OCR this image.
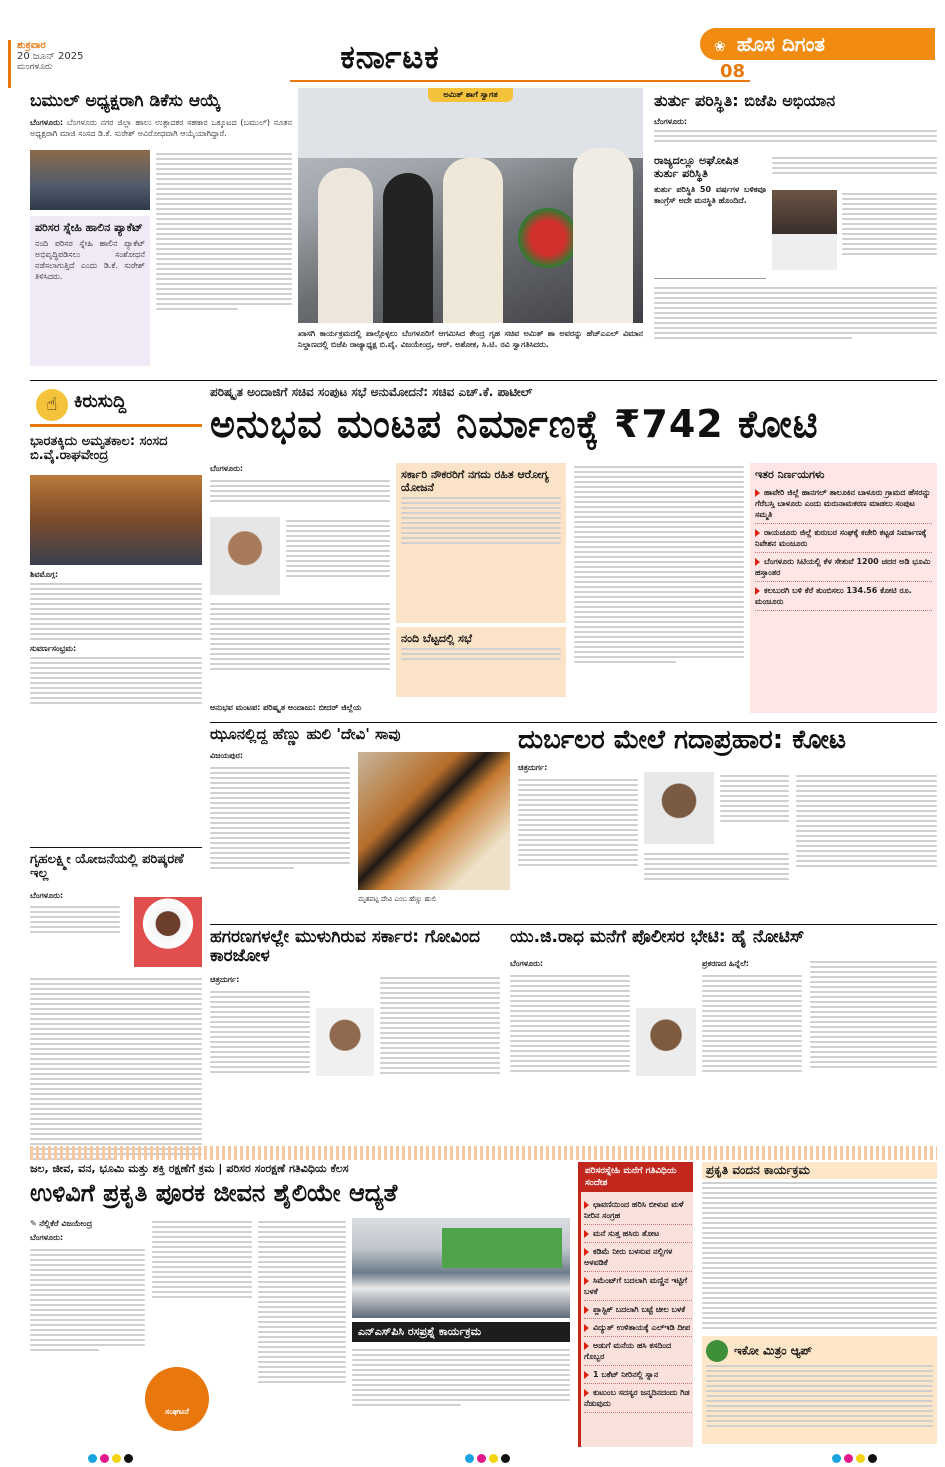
ಶುಕ್ರವಾರ
20 ಜೂನ್ 2025
ಮಂಗಳೂರು	ಕರ್ನಾಟಕ	❀ ಹೊಸ ದಿಗಂತ
08
ಬಮುಲ್ ಅಧ್ಯಕ್ಷರಾಗಿ ಡಿಕೆಸು ಆಯ್ಕೆ
ಬೆಂಗಳೂರು: ಬೆಂಗಳೂರು ನಗರ ಜಿಲ್ಲಾ ಹಾಲು ಉತ್ಪಾದಕರ ಸಹಕಾರ ಒಕ್ಕೂಟದ (ಬಮುಲ್) ನೂತನ ಅಧ್ಯಕ್ಷರಾಗಿ ಮಾಜಿ ಸಂಸದ ಡಿ.ಕೆ. ಸುರೇಶ್ ಅವಿರೋಧವಾಗಿ ಆಯ್ಕೆಯಾಗಿದ್ದಾರೆ.
ಪರಿಸರ ಸ್ನೇಹಿ ಹಾಲಿನ ಪ್ಯಾಕೆಟ್
ನಂದಿ ಪರಿಸರ ಸ್ನೇಹಿ ಹಾಲಿನ ಪ್ಯಾಕೆಟ್ ಅಭಿವೃದ್ಧಿಪಡಿಸಲು ಸಂಶೋಧನೆ ನಡೆಸಲಾಗುತ್ತಿದೆ ಎಂದು ಡಿ.ಕೆ. ಸುರೇಶ್ ತಿಳಿಸಿದರು.
ಅಮಿತ್ ಶಾಗೆ ಸ್ವಾಗತ
ಖಾಸಗಿ ಕಾರ್ಯಕ್ರಮದಲ್ಲಿ ಪಾಲ್ಗೊಳ್ಳಲು ಬೆಂಗಳೂರಿಗೆ ಆಗಮಿಸಿದ ಕೇಂದ್ರ ಗೃಹ ಸಚಿವ ಅಮಿತ್ ಶಾ ಅವರನ್ನು ಹೆಚ್‌ಎಎಲ್ ವಿಮಾನ ನಿಲ್ದಾಣದಲ್ಲಿ ಬಿಜೆಪಿ ರಾಜ್ಯಾಧ್ಯಕ್ಷ ಬಿ.ವೈ. ವಿಜಯೇಂದ್ರ, ಆರ್. ಅಶೋಕ, ಸಿ.ಟಿ. ರವಿ ಸ್ವಾಗತಿಸಿದರು.
ತುರ್ತು ಪರಿಸ್ಥಿತಿ: ಬಿಜೆಪಿ ಅಭಿಯಾನ
ಬೆಂಗಳೂರು:
ರಾಜ್ಯದಲ್ಲೂ ಅಘೋಷಿತ ತುರ್ತು ಪರಿಸ್ಥಿತಿ
ತುರ್ತು ಪರಿಸ್ಥಿತಿ 50 ವರ್ಷಗಳ ಬಳಿಕವೂ ಕಾಂಗ್ರೆಸ್ ಅದೇ ಮನಸ್ಥಿತಿ ಹೊಂದಿದೆ.
☝ ಕಿರುಸುದ್ದಿ
ಭಾರತಕ್ಕಿದು ಅಮೃತಕಾಲ: ಸಂಸದ ಬಿ.ವೈ.ರಾಘವೇಂದ್ರ
ಶಿವಮೊಗ್ಗ:
ಸುವರ್ಣಸಂಭ್ರಮ:
ಗೃಹಲಕ್ಷ್ಮೀ ಯೋಜನೆಯಲ್ಲಿ ಪರಿಷ್ಕರಣೆ ಇಲ್ಲ
ಬೆಂಗಳೂರು:
ಪರಿಷ್ಕೃತ ಅಂದಾಜಿಗೆ ಸಚಿವ ಸಂಪುಟ ಸಭೆ ಅನುಮೋದನೆ: ಸಚಿವ ಎಚ್.ಕೆ. ಪಾಟೀಲ್
ಅನುಭವ ಮಂಟಪ ನಿರ್ಮಾಣಕ್ಕೆ ₹742 ಕೋಟಿ
ಬೆಂಗಳೂರು:
ಅನುಭವ ಮಂಟಪ: ಪರಿಷ್ಕೃತ ಅಂದಾಜು: ಬೀದರ್ ಜಿಲ್ಲೆಯ
ಸರ್ಕಾರಿ ನೌಕರರಿಗೆ ನಗದು ರಹಿತ ಆರೋಗ್ಯ ಯೋಜನೆ
ನಂದಿ ಬೆಟ್ಟದಲ್ಲಿ ಸಭೆ
ಇತರ ನಿರ್ಣಯಗಳು
ಹಾವೇರಿ ಜಿಲ್ಲೆ ಹಾನಗಲ್ ತಾಲೂಕಿನ ಬಾಳೂರು ಗ್ರಾಮದ ಹೆಸರನ್ನು ಗೆರೆಬಸ್ತಿ ಬಾಳೂರು ಎಂದು ಮರುನಾಮಕರಣ ಮಾಡಲು ಸಂಪುಟ ಸಮ್ಮತಿ
ರಾಯಚೂರು ಜಿಲ್ಲೆ ಕುರುಬರ ಸಂಘಕ್ಕೆ ಕಚೇರಿ ಕಟ್ಟಡ ನಿರ್ಮಾಣಕ್ಕೆ ನಿವೇಶನ ಮಂಜೂರು
ಬೆಂಗಳೂರು ಸಿಟಿಯಲ್ಲಿ ಕೆಳ ಸೇತುವೆ 1200 ಚದರ ಅಡಿ ಭೂಮಿ ಹಸ್ತಾಂತರ
ಕಲಬುರಗಿ ಬಳಿ ಕೆರೆ ತುಂಬಿಸಲು 134.56 ಕೋಟಿ ರೂ. ಮಂಜೂರು
ಝೂನಲ್ಲಿದ್ದ ಹೆಣ್ಣು ಹುಲಿ 'ದೇವಿ' ಸಾವು
ವಿಜಯಪುರ:
ಮೃತಪಟ್ಟ ದೇವಿ ಎಂಬ ಹೆಣ್ಣು ಹುಲಿ
ದುರ್ಬಲರ ಮೇಲೆ ಗದಾಪ್ರಹಾರ: ಕೋಟ
ಚಿತ್ರದುರ್ಗ:
ಹಗರಣಗಳಲ್ಲೇ ಮುಳುಗಿರುವ ಸರ್ಕಾರ: ಗೋವಿಂದ ಕಾರಜೋಳ
ಚಿತ್ರದುರ್ಗ:
ಯು.ಜಿ.ರಾಧ ಮನೆಗೆ ಪೊಲೀಸರ ಭೇಟಿ: ಹೈ ನೋಟಿಸ್
ಬೆಂಗಳೂರು:	ಪ್ರಕರಣದ ಹಿನ್ನೆಲೆ:
ಜಲ, ಜೀವ, ವನ, ಭೂಮಿ ಮತ್ತು ಶಕ್ತಿ ರಕ್ಷಣೆಗೆ ಕ್ರಮ | ಪರಿಸರ ಸಂರಕ್ಷಣೆ ಗತಿವಿಧಿಯ ಕೆಲಸ
ಉಳಿವಿಗೆ ಪ್ರಕೃತಿ ಪೂರಕ ಜೀವನ ಶೈಲಿಯೇ ಆದ್ಯತೆ
✎ ನೆಲ್ಲಿಕೆರೆ ವಿಜಯೇಂದ್ರ
ಬೆಂಗಳೂರು:
ಸಂಘಟನೆ
ಎನ್‌ಎಸ್‌ಪಿಸಿ ರಸಪ್ರಶ್ನೆ ಕಾರ್ಯಕ್ರಮ
ಪರಿಸರಸ್ನೇಹಿ ಮನೆಗೆ ಗತಿವಿಧಿಯ ಸಂದೇಶ
ಛಾವಣಿಯಿಂದ ಹರಿಸಿ ಬೀಳುವ ಮಳೆ ನೀರಿನ ಸಂಗ್ರಹ
ಮನೆ ಸುತ್ತ ಹಸಿರು ತೋಟ
ಕಡಿಮೆ ನೀರು ಬಳಸುವ ನಲ್ಲಿಗಳ ಅಳವಡಿಕೆ
ಸಿಮೆಂಟ್‌ಗೆ ಬದಲಾಗಿ ಮಣ್ಣಿನ ಇಟ್ಟಿಗೆ ಬಳಕೆ
ಪ್ಲಾಸ್ಟಿಕ್ ಬದಲಾಗಿ ಬಟ್ಟೆ ಚೀಲ ಬಳಕೆ
ವಿದ್ಯುತ್ ಉಳಿತಾಯಕ್ಕೆ ಎಲ್‌ಇಡಿ ದೀಪ
ಅಡುಗೆ ಮನೆಯ ಹಸಿ ಕಸದಿಂದ ಗೊಬ್ಬರ
1 ಬಕೆಟ್ ನೀರಿನಲ್ಲಿ ಸ್ನಾನ
ಕುಟುಂಬ ಸದಸ್ಯರ ಜನ್ಮದಿನದಂದು ಗಿಡ ನೆಡುವುದು
ಪ್ರಕೃತಿ ವಂದನ ಕಾರ್ಯಕ್ರಮ
ಇಕೋ ಮಿತ್ರಂ ಆ್ಯಪ್
